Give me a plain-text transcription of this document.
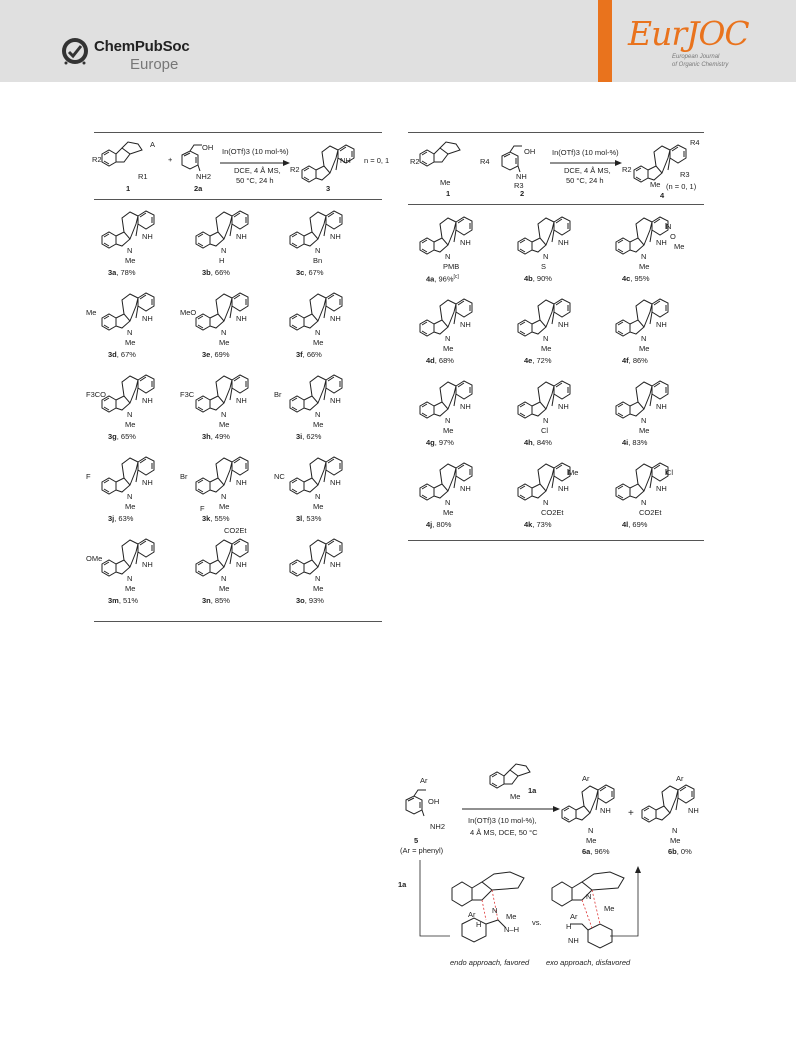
ChemPubSoc
Europe
EurJOC
European Journal
of Organic Chemistry
R2
R1
A
1
+
OH
NH2
2a
In(OTf)3 (10 mol-%)
DCE, 4 Å MS,
50 °C, 24 h
R2
NH n = 0, 1
3
NH
N
Me
3a, 78%
NH
N
H
3b, 66%
NH
N
Bn
3c, 67%
NH
N
Me
Me
3d, 67%
NH
N
Me
MeO
3e, 69%
NH
N
Me
3f, 66%
NH
N
Me
F3CO
3g, 65%
NH
N
Me
F3C
3h, 49%
NH
N
Me
Br
3i, 62%
NH
N
Me
F
3j, 63%
NH
N
Me
Br
F
3k, 55%
NH
N
Me
NC
3l, 53%
NH
N
Me
OMe
3m, 51%
NH
N
Me
CO2Et
3n, 85%
NH
N
Me
3o, 93%
R2	R4
Me
1
OH
NH
R3
2
In(OTf)3 (10 mol-%)
DCE, 4 Å MS,
50 °C, 24 h
R2
R4
R3
Me (n = 0, 1)
4
NH
N
PMB
4a, 96%[c]
NH
N
S
4b, 90%
NH
N
Me
N
O
Me
4c, 95%
NH
N
Me
4d, 68%
NH
N
Me
4e, 72%
NH
N
Me
4f, 86%
NH
N
Me
4g, 97%
NH
N
Cl
4h, 84%
NH
N
Me
4i, 83%
NH
N
Me
4j, 80%
NH
N
CO2Et
Me
4k, 73%
NH
N
CO2Et
Cl
4l, 69%
Ar
OH
NH2
5
(Ar = phenyl)
Me
1a
In(OTf)3 (10 mol-%),
4 Å MS, DCE, 50 °C
Ar
NH
N
Me
6a, 96%
+
Ar
NH
N
Me
6b, 0%
1a
N
Me
Ar
H
N–H
endo approach, favored
vs.
N
Me
Ar
H
NH
exo approach, disfavored
